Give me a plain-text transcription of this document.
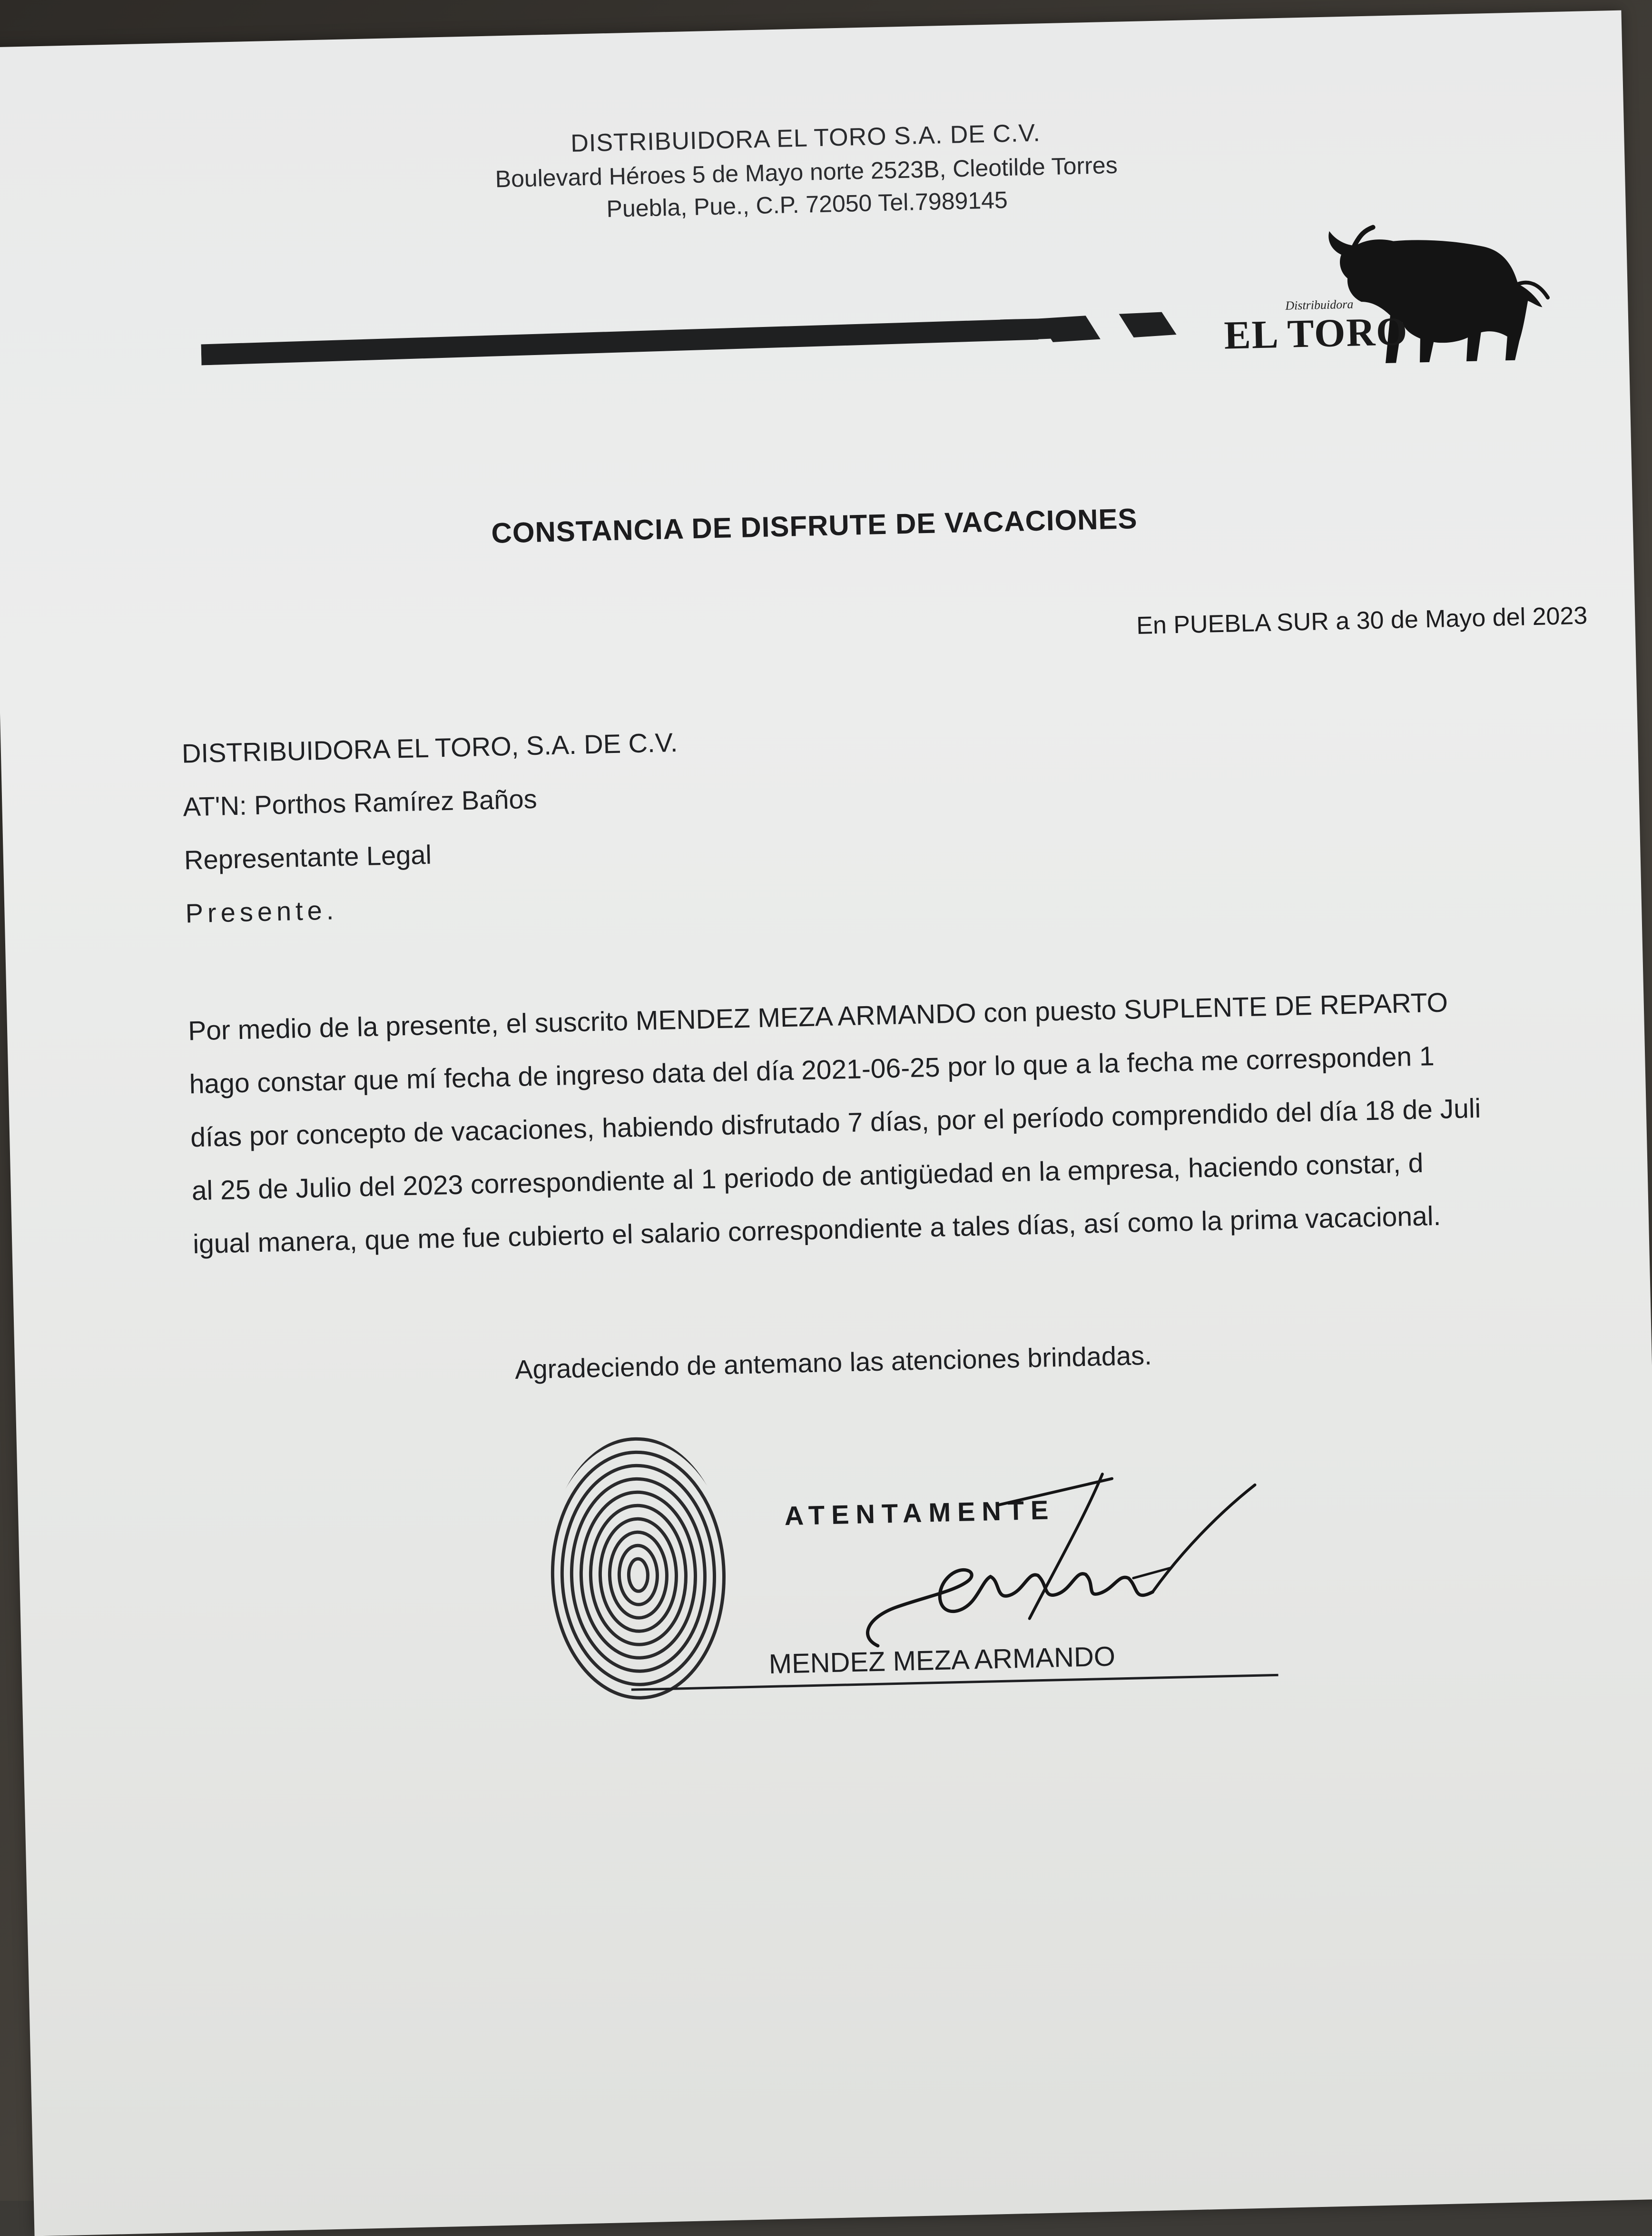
DISTRIBUIDORA EL TORO S.A. DE C.V.
Boulevard Héroes 5 de Mayo norte 2523B, Cleotilde Torres
Puebla, Pue., C.P. 72050 Tel.7989145
Distribuidora
EL TORO
CONSTANCIA DE DISFRUTE DE VACACIONES
En PUEBLA SUR a 30 de Mayo del 2023
DISTRIBUIDORA EL TORO, S.A. DE C.V.
AT'N: Porthos Ramírez Baños
Representante Legal
Presente.
Por medio de la presente, el suscrito MENDEZ MEZA ARMANDO con puesto SUPLENTE DE REPARTO
hago constar que mí fecha de ingreso data del día 2021-06-25 por lo que a la fecha me corresponden 1
días por concepto de vacaciones, habiendo disfrutado 7 días, por el período comprendido del día 18 de Juli
al 25 de Julio del 2023 correspondiente al 1 periodo de antigüedad en la empresa, haciendo constar, d
igual manera, que me fue cubierto el salario correspondiente a tales días, así como la prima vacacional.
Agradeciendo de antemano las atenciones brindadas.
ATENTAMENTE
MENDEZ MEZA ARMANDO
